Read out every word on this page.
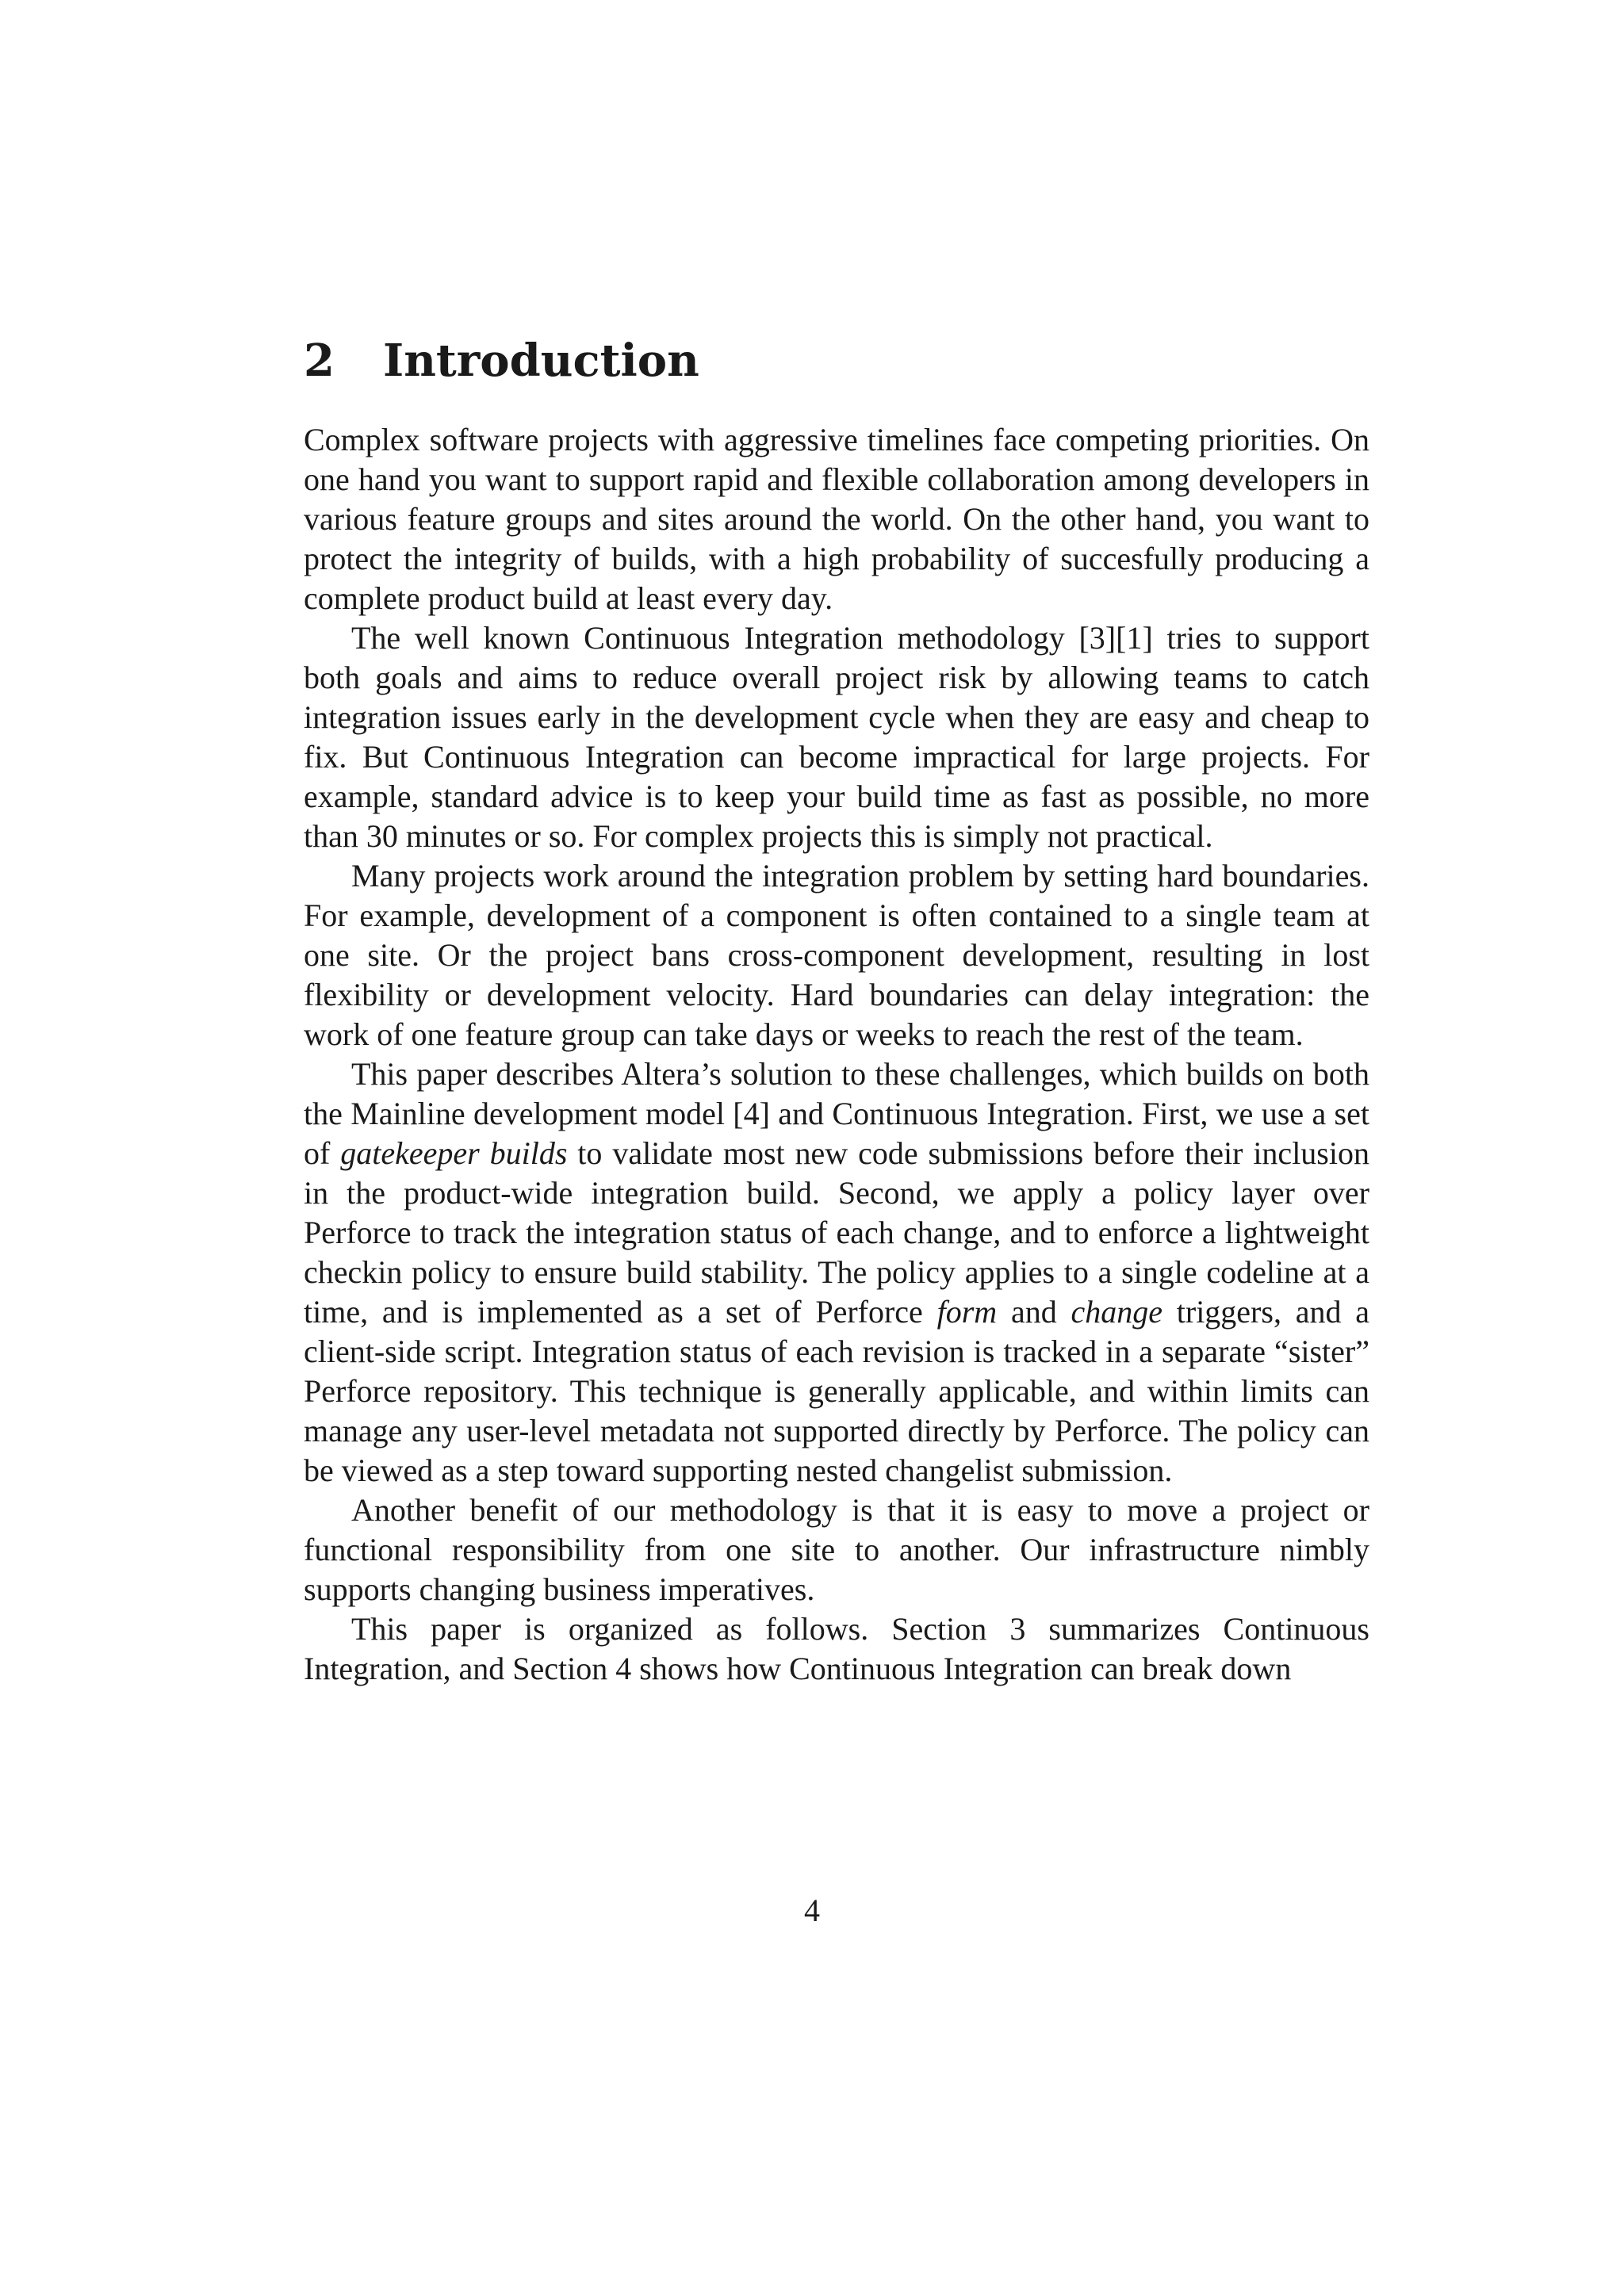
2 Introduction

Complex software projects with aggressive timelines face competing priorities. On one hand you want to support rapid and flexible collaboration among developers in various feature groups and sites around the world. On the other hand, you want to protect the integrity of builds, with a high probability of succesfully producing a complete product build at least every day.

The well known Continuous Integration methodology [3][1] tries to support both goals and aims to reduce overall project risk by allowing teams to catch integration issues early in the development cycle when they are easy and cheap to fix. But Continuous Integration can become impractical for large projects. For example, standard advice is to keep your build time as fast as possible, no more than 30 minutes or so. For complex projects this is simply not practical.

Many projects work around the integration problem by setting hard boundaries. For example, development of a component is often contained to a single team at one site. Or the project bans cross-component development, resulting in lost flexibility or development velocity. Hard boundaries can delay integration: the work of one feature group can take days or weeks to reach the rest of the team.

This paper describes Altera’s solution to these challenges, which builds on both the Mainline development model [4] and Continuous Integration. First, we use a set of gatekeeper builds to validate most new code submissions before their inclusion in the product-wide integration build. Second, we apply a policy layer over Perforce to track the integration status of each change, and to enforce a lightweight checkin policy to ensure build stability. The policy applies to a single codeline at a time, and is implemented as a set of Perforce form and change triggers, and a client-side script. Integration status of each revision is tracked in a separate “sister” Perforce repository. This technique is generally applicable, and within limits can manage any user-level metadata not supported directly by Perforce. The policy can be viewed as a step toward supporting nested changelist submission.

Another benefit of our methodology is that it is easy to move a project or functional responsibility from one site to another. Our infrastructure nimbly supports changing business imperatives.

This paper is organized as follows. Section 3 summarizes Continuous Integration, and Section 4 shows how Continuous Integration can break down

4
